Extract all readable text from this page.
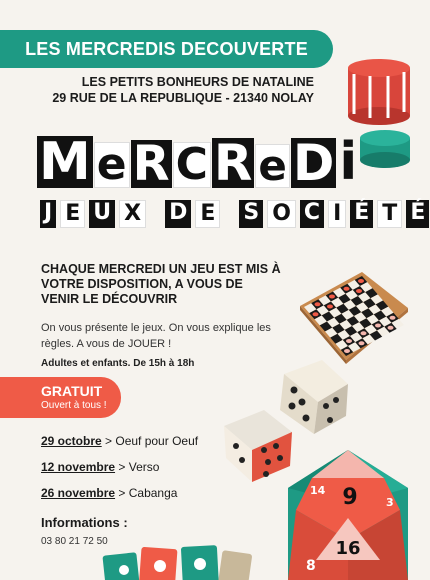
LES MERCREDIS DECOUVERTE
LES PETITS BONHEURS DE NATALINE
29 RUE DE LA REPUBLIQUE - 21340 NOLAY
M e R C R e D i
J E U X D E S O C I É T É
CHAQUE MERCREDI UN JEU EST MIS À VOTRE DISPOSITION, A VOUS DE VENIR LE DÉCOUVRIR
On vous présente le jeux. On vous explique les règles. A vous de JOUER !
Adultes et enfants. De 15h à 18h
GRATUIT
Ouvert à tous !
29 octobre > Oeuf pour Oeuf
12 novembre > Verso
26 novembre > Cabanga
Informations :
03 80 21 72 50
9
16
14
3
8
